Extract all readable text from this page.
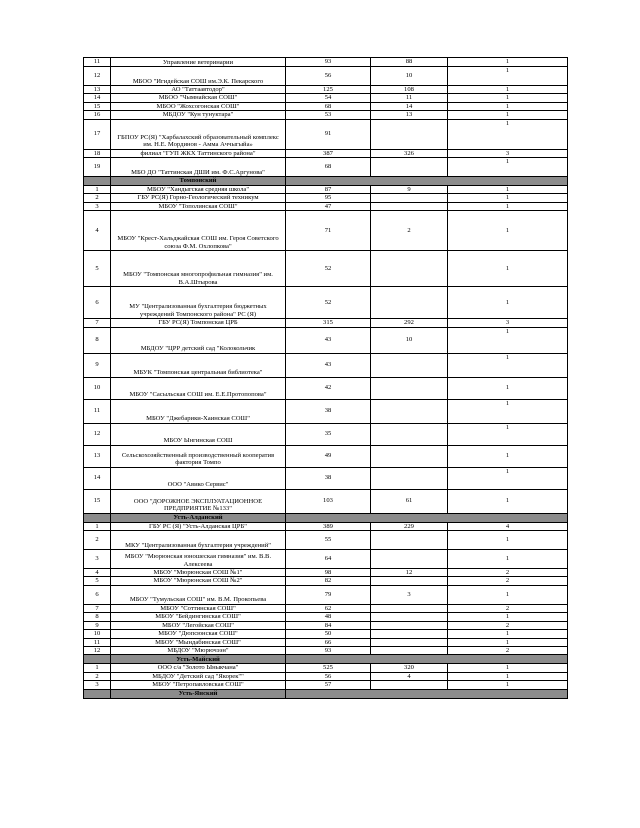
11	Управление ветеринарии	93	88	1
12	МБОО "Игидейская СОШ им.Э.К. Пекарского	56	10	1
13	АО "Таттаавтодор"	125	108	1
14	МБОО "Чымнайская СОШ"	54	11	1
15	МБОО "Жохсогонская СОШ"	68	14	1
16	МБДОУ "Кун тунуктара"	53	13	1
17	ГБПОУ РС(Я) "Харбалахский образовательный комплекс им. Н.Е. Мординов - Амма Аччыгыйа»	91		1
18	филиал "ГУП ЖКХ Таттинского района"	387	326	3
19	МБО ДО "Таттинская ДШИ им. Ф.С.Аргунова"	68		1
	Томпонский			
1	МБОУ "Хандыгская средняя школа"	87	9	1
2	ГБУ РС(Я) Горно-Геологический техникум	95		1
3	МБОУ "Тополинская СОШ"	47		1
4	МБОУ "Крест-Хальджайская СОШ им. Героя Советского союза Ф.М. Охлопкова"	71	2	1
5	МБОУ "Томпонская многопрофильная гимназия" им. В.А.Штырова	52		1
6	МУ "Централизованная бухгалтерия бюджетных учреждений Томпонского района" РС (Я)	52		1
7	ГБУ РС(Я) Томпонская ЦРБ	315	292	3
8	МБДОУ "ЦРР детский сад "Колокольчик	43	10	1
9	МБУК "Томпонская центральная библиотека"	43		1
10	МБОУ "Сасыльская СОШ им. Е.Е.Протопопова"	42		1
11	МБОУ "Джебарики-Хаинская СОШ"	38		1
12	МБОУ Ынгинская СОШ	35		1
13	Сельскохозяйственный производственный кооператив фактория Томпо	49		1
14	ООО "Авико Сервис"	38		1
15	ООО "ДОРОЖНОЕ ЭКСПЛУАТАЦИОННОЕ ПРЕДПРИЯТИЕ №133"	103	61	1
	Усть-Алданский			
1	ГБУ РС (Я) "Усть-Алданская ЦРБ"	389	229	4
2	МКУ "Централизованная бухгалтерия учреждений"	55		1
3	МБОУ "Мюрюнская юношеская гимназия" им. В.В. Алексеева	64		1
4	МБОУ "Мюрюнская СОШ №1"	98	12	2
5	МБОУ "Мюрюнская СОШ №2"	82		2
6	МБОУ "Тумульская СОШ" им. В.М. Прокопьева	79	3	1
7	МБОУ "Соттинская СОШ"	62		2
8	МБОУ "Бейдингинская СОШ"	48		1
9	МБОУ "Легойская СОШ"	84		2
10	МБОУ "Дюпсюнская СОШ"	50		1
11	МБОУ "Мындабинская СОШ"	66		1
12	МБДОУ "Мюрючээн"	93		2
	Усть-Майский			
1	ООО с/а "Золото Ыныкчана"	525	320	1
2	МБДОУ "Детский сад "Якорек""	56	4	1
3	МБОУ "Петропавловская СОШ"	57		1
	Усть-Янский			
